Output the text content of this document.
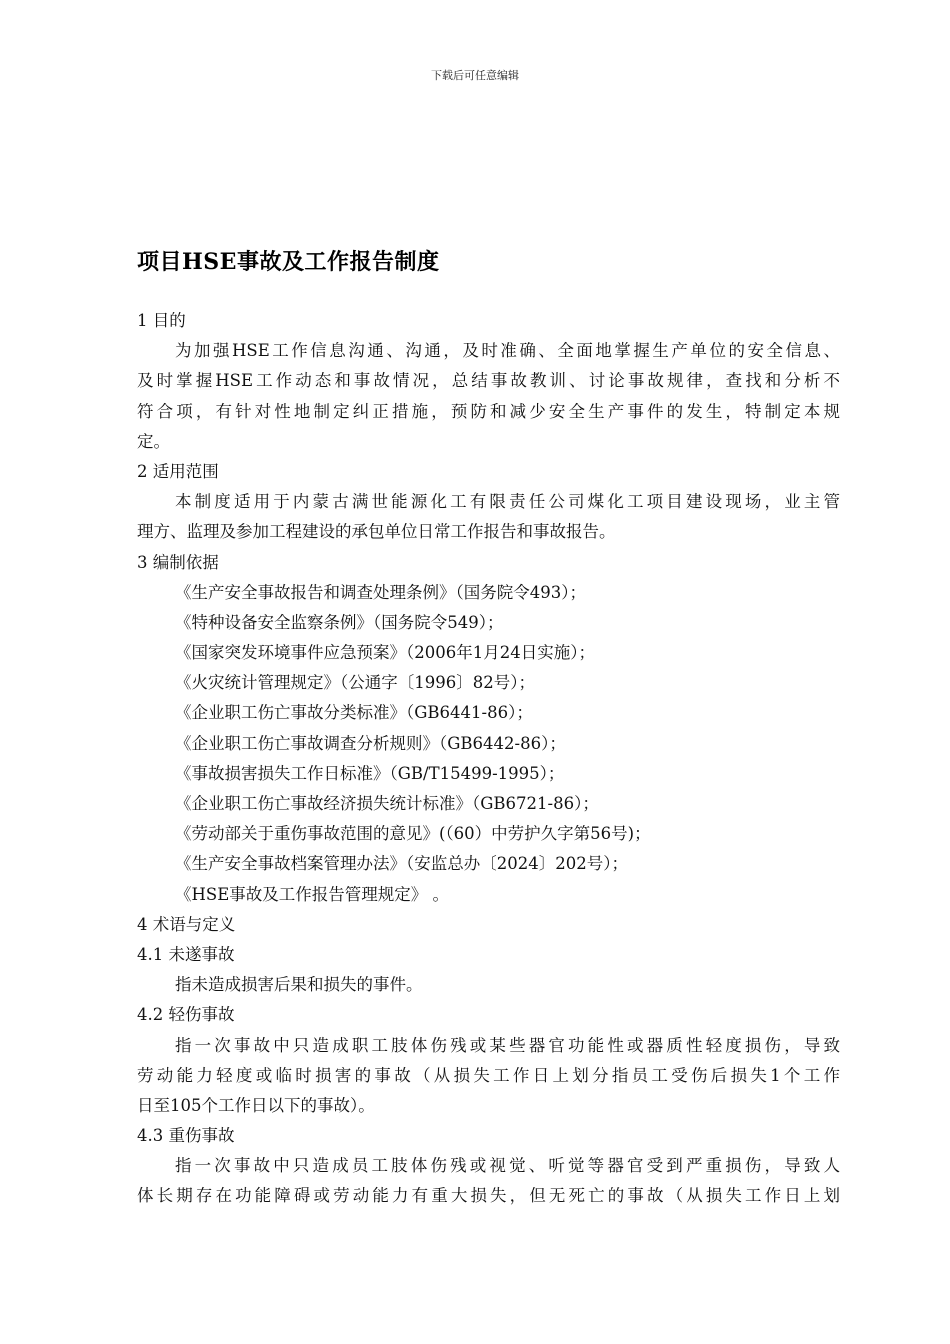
下载后可任意编辑
项目HSE事故及工作报告制度
1 目的
为加强HSE工作信息沟通、沟通，及时准确、全面地掌握生产单位的安全信息、
及时掌握HSE工作动态和事故情况，总结事故教训、讨论事故规律，查找和分析不
符合项，有针对性地制定纠正措施，预防和减少安全生产事件的发生，特制定本规
定。
2 适用范围
本制度适用于内蒙古满世能源化工有限责任公司煤化工项目建设现场，业主管
理方、监理及参加工程建设的承包单位日常工作报告和事故报告。
3 编制依据
《生产安全事故报告和调查处理条例》（国务院令493）；
《特种设备安全监察条例》（国务院令549）；
《国家突发环境事件应急预案》（2006年1月24日实施）；
《火灾统计管理规定》（公通字〔1996〕82号）；
《企业职工伤亡事故分类标准》（GB6441-86）；
《企业职工伤亡事故调查分析规则》（GB6442-86）；
《事故损害损失工作日标准》（GB/T15499-1995）；
《企业职工伤亡事故经济损失统计标准》（GB6721-86）；
《劳动部关于重伤事故范围的意见》(（60）中劳护久字第56号)；
《生产安全事故档案管理办法》（安监总办〔2024〕202号）；
《HSE事故及工作报告管理规定》 。
4 术语与定义
4.1 未遂事故
指未造成损害后果和损失的事件。
4.2 轻伤事故
指一次事故中只造成职工肢体伤残或某些器官功能性或器质性轻度损伤，导致
劳动能力轻度或临时损害的事故（从损失工作日上划分指员工受伤后损失1个工作
日至105个工作日以下的事故）。
4.3 重伤事故
指一次事故中只造成员工肢体伤残或视觉、听觉等器官受到严重损伤，导致人
体长期存在功能障碍或劳动能力有重大损失，但无死亡的事故（从损失工作日上划
